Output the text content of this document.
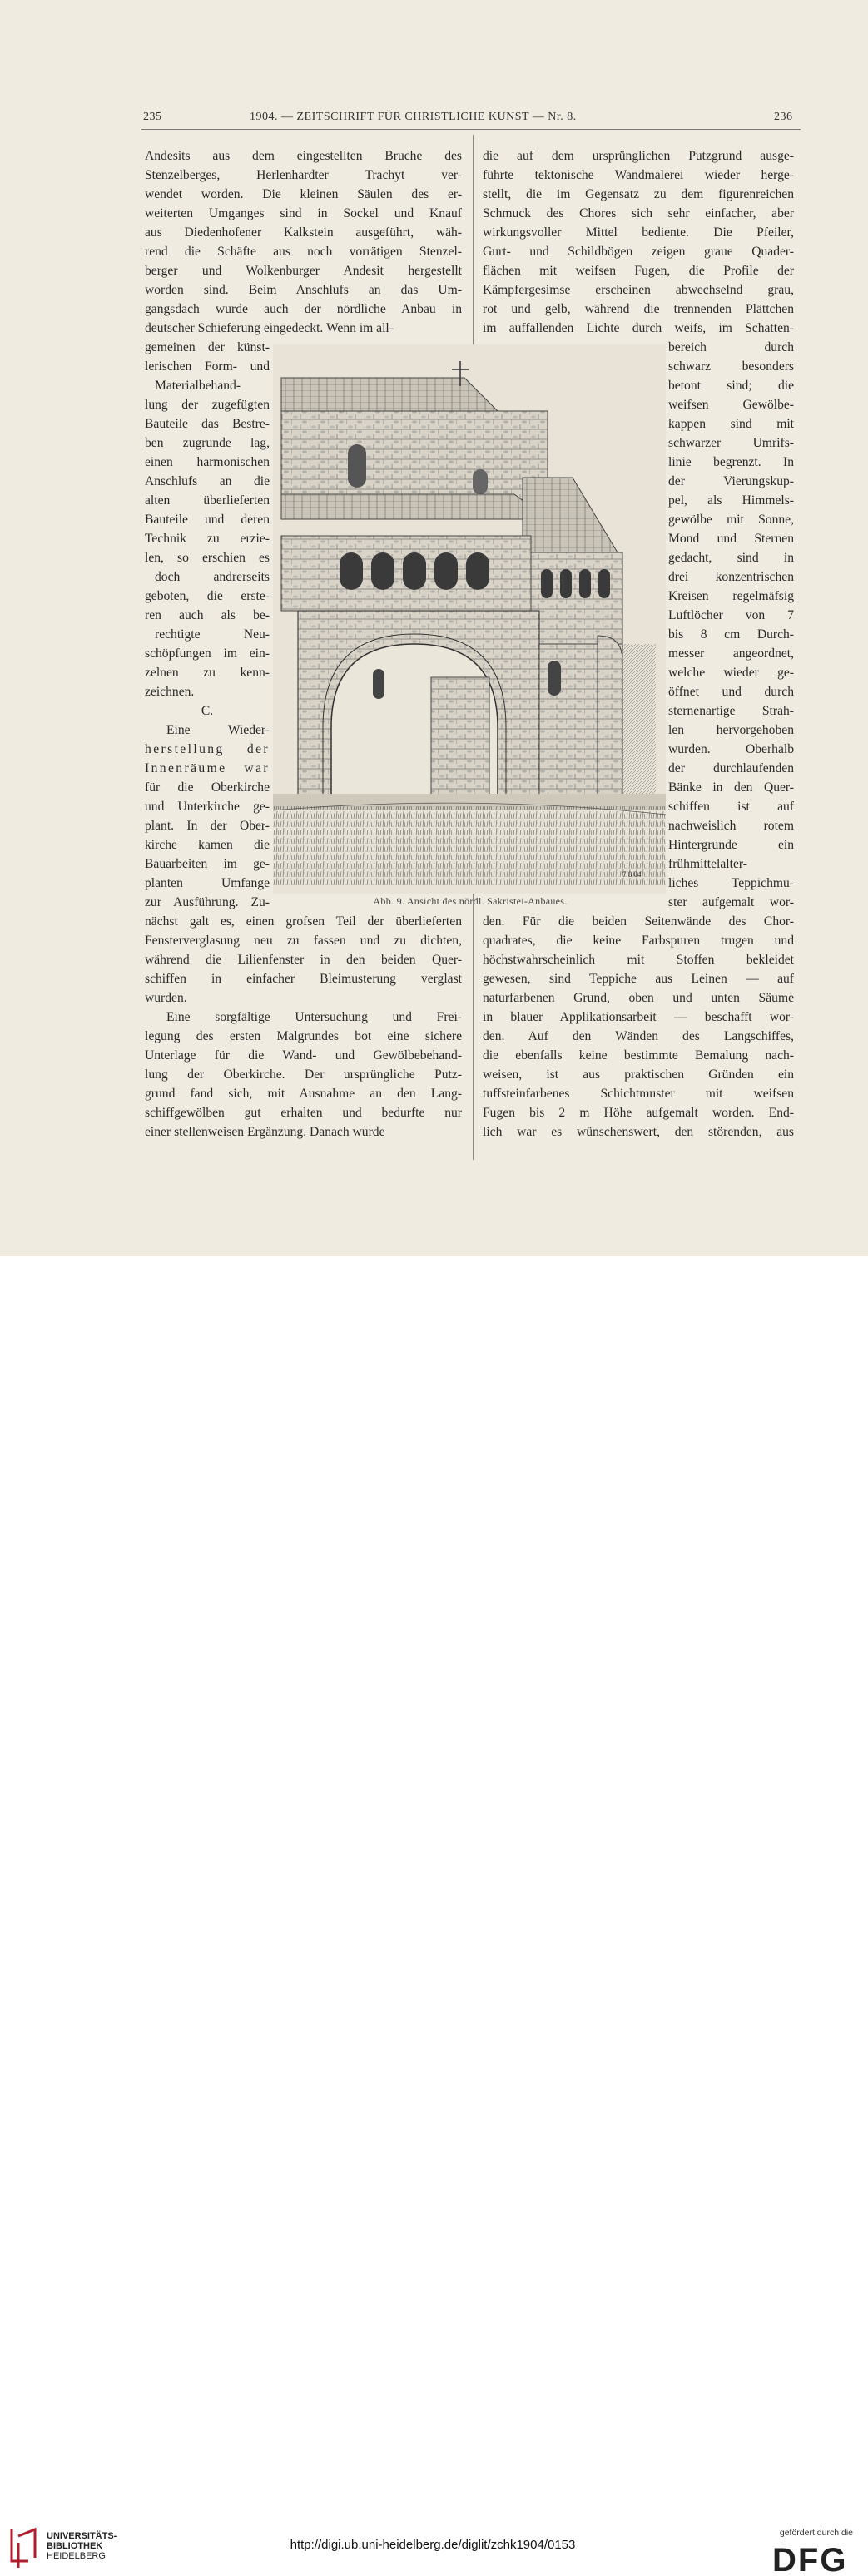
235	1904. — ZEITSCHRIFT FÜR CHRISTLICHE KUNST — Nr. 8.	236
7 8 04
Abb. 9. Ansicht des nördl. Sakristei-Anbaues.
Andesits aus dem eingestellten Bruche des
Stenzelberges, Herlenhardter Trachyt ver-
wendet worden. Die kleinen Säulen des er-
weiterten Umganges sind in Sockel und Knauf
aus Diedenhofener Kalkstein ausgeführt, wäh-
rend die Schäfte aus noch vorrätigen Stenzel-
berger und Wolkenburger Andesit hergestellt
worden sind. Beim Anschlufs an das Um-
gangsdach wurde auch der nördliche Anbau in
deutscher Schieferung eingedeckt. Wenn im all-
gemeinen der künst-
lerischen Form- und
Materialbehand-
lung der zugefügten
Bauteile das Bestre-
ben zugrunde lag,
einen harmonischen
Anschlufs an die
alten überlieferten
Bauteile und deren
Technik zu erzie-
len, so erschien es
doch andrerseits
geboten, die erste-
ren auch als be-
rechtigte Neu-
schöpfungen im ein-
zelnen zu kenn-
zeichnen.
C.
Eine Wieder-
herstellung der
Innenräume war
für die Oberkirche
und Unterkirche ge-
plant. In der Ober-
kirche kamen die
Bauarbeiten im ge-
planten Umfange
zur Ausführung. Zu-
nächst galt es, einen grofsen Teil der überlieferten
Fensterverglasung neu zu fassen und zu dichten,
während die Lilienfenster in den beiden Quer-
schiffen in einfacher Bleimusterung verglast
wurden.
Eine sorgfältige Untersuchung und Frei-
legung des ersten Malgrundes bot eine sichere
Unterlage für die Wand- und Gewölbebehand-
lung der Oberkirche. Der ursprüngliche Putz-
grund fand sich, mit Ausnahme an den Lang-
schiffgewölben gut erhalten und bedurfte nur
einer stellenweisen Ergänzung. Danach wurde
die auf dem ursprünglichen Putzgrund ausge-
führte tektonische Wandmalerei wieder herge-
stellt, die im Gegensatz zu dem figurenreichen
Schmuck des Chores sich sehr einfacher, aber
wirkungsvoller Mittel bediente. Die Pfeiler,
Gurt- und Schildbögen zeigen graue Quader-
flächen mit weifsen Fugen, die Profile der
Kämpfergesimse erscheinen abwechselnd grau,
rot und gelb, während die trennenden Plättchen
im auffallenden Lichte durch weifs, im Schatten-
bereich durch
schwarz besonders
betont sind; die
weifsen Gewölbe-
kappen sind mit
schwarzer Umrifs-
linie begrenzt. In
der Vierungskup-
pel, als Himmels-
gewölbe mit Sonne,
Mond und Sternen
gedacht, sind in
drei konzentrischen
Kreisen regelmäfsig
Luftlöcher von 7
bis 8 cm Durch-
messer angeordnet,
welche wieder ge-
öffnet und durch
sternenartige Strah-
len hervorgehoben
wurden. Oberhalb
der durchlaufenden
Bänke in den Quer-
schiffen ist auf
nachweislich rotem
Hintergrunde ein
frühmittelalter-
liches Teppichmu-
ster aufgemalt wor-
den. Für die beiden Seitenwände des Chor-
quadrates, die keine Farbspuren trugen und
höchstwahrscheinlich mit Stoffen bekleidet
gewesen, sind Teppiche aus Leinen — auf
naturfarbenen Grund, oben und unten Säume
in blauer Applikationsarbeit — beschafft wor-
den. Auf den Wänden des Langschiffes,
die ebenfalls keine bestimmte Bemalung nach-
weisen, ist aus praktischen Gründen ein
tuffsteinfarbenes Schichtmuster mit weifsen
Fugen bis 2 m Höhe aufgemalt worden. End-
lich war es wünschenswert, den störenden, aus
UNIVERSITÄTS-
BIBLIOTHEK
HEIDELBERG
http://digi.ub.uni-heidelberg.de/diglit/zchk1904/0153
gefördert durch die
DFG
